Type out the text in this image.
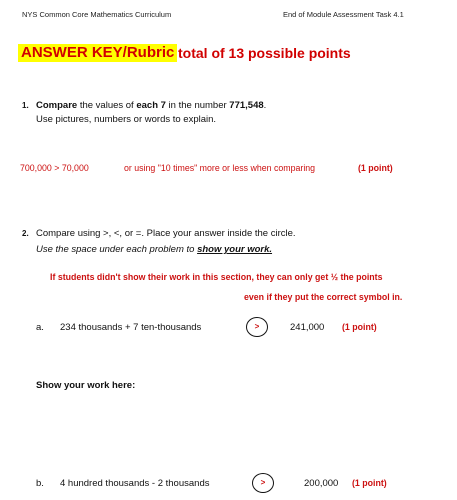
NYS Common Core Mathematics Curriculum	End of Module Assessment Task 4.1
ANSWER KEY/Rubric total of 13 possible points
1. Compare the values of each 7 in the number 771,548.
Use pictures, numbers or words to explain.
700,000 > 70,000	or using "10 times" more or less when comparing	(1 point)
2. Compare using >, <, or =. Place your answer inside the circle.
Use the space under each problem to show your work.
If students didn't show their work in this section, they can only get ½ the points
even if they put the correct symbol in.
a. 234 thousands + 7 ten-thousands	>	241,000 (1 point)
Show your work here:
b. 4 hundred thousands - 2 thousands	>	200,000 (1 point)
